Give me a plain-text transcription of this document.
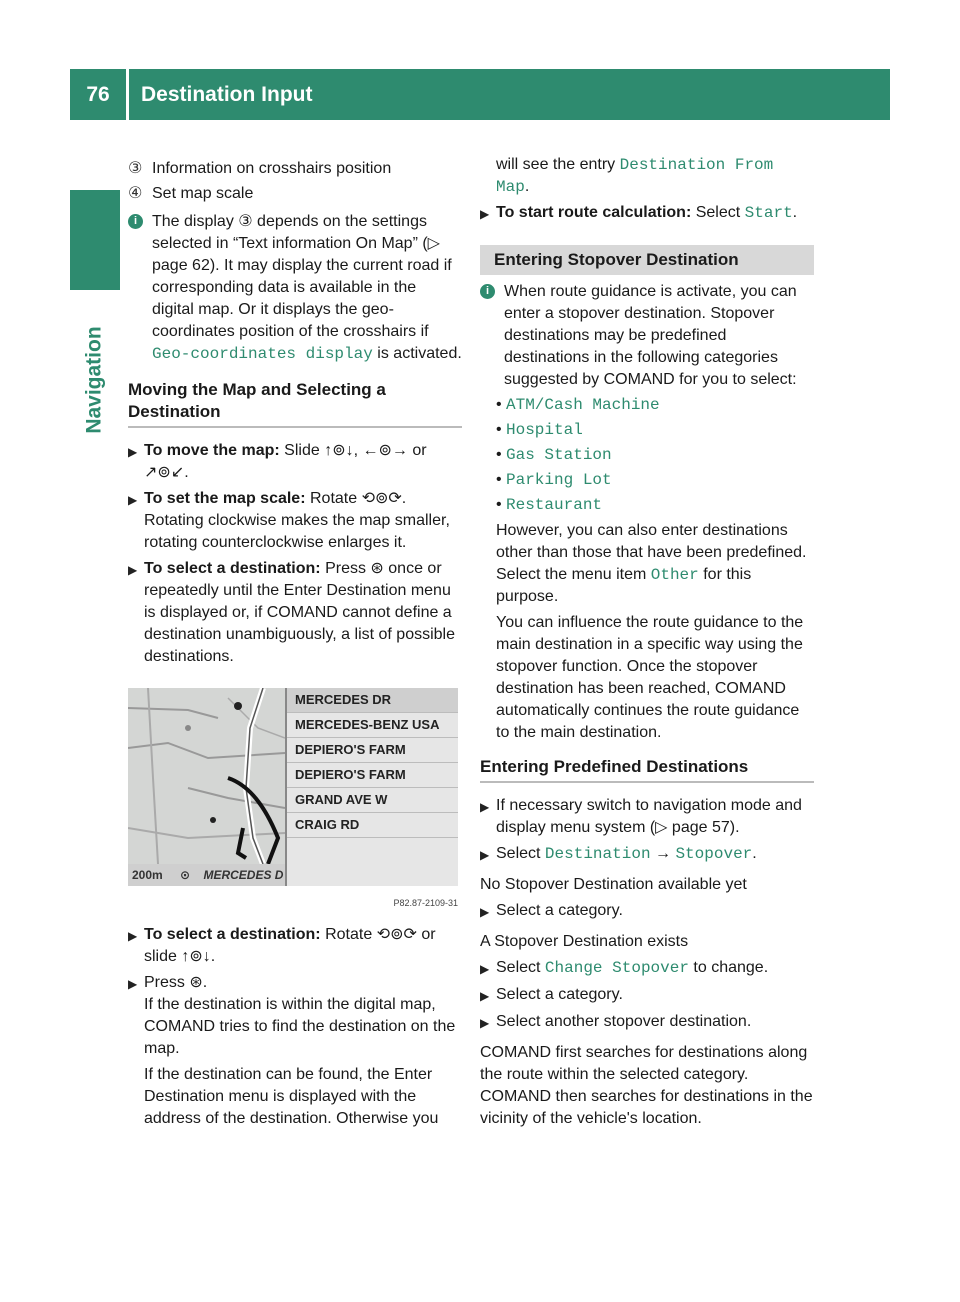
76	Destination Input
Navigation
③ Information on crosshairs position
④ Set map scale
i The display ③ depends on the settings selected in “Text information On Map” (▷ page 62). It may display the current road if corresponding data is available in the digital map. Or it displays the geo-coordinates position of the crosshairs if Geo-coordinates display is activated.
Moving the Map and Selecting a Destination
▶ To move the map: Slide ↑⊚↓, ←⊚→ or ↗⊚↙.
▶ To set the map scale: Rotate ⟲⊚⟳. Rotating clockwise makes the map smaller, rotating counterclockwise enlarges it.
▶ To select a destination: Press ⊛ once or repeatedly until the Enter Destination menu is displayed or, if COMAND cannot define a destination unambiguously, a list of possible destinations.
MERCEDES DR
MERCEDES-BENZ USA
DEPIERO'S FARM
DEPIERO'S FARM
GRAND AVE W
CRAIG RD
200m ⊙ MERCEDES D
P82.87-2109-31
▶ To select a destination: Rotate ⟲⊚⟳ or slide ↑⊚↓.
▶ Press ⊛.

If the destination is within the digital map, COMAND tries to find the destination on the map.

If the destination can be found, the Enter Destination menu is displayed with the address of the destination. Otherwise you

will see the entry Destination From Map.
▶ To start route calculation: Select Start.
Entering Stopover Destination
i When route guidance is activate, you can enter a stopover destination. Stopover destinations may be predefined destinations in the following categories suggested by COMAND for you to select:
• ATM/Cash Machine
• Hospital
• Gas Station
• Parking Lot
• Restaurant
However, you can also enter destinations other than those that have been predefined. Select the menu item Other for this purpose.

You can influence the route guidance to the main destination in a specific way using the stopover function. Once the stopover destination has been reached, COMAND automatically continues the route guidance to the main destination.

Entering Predefined Destinations
▶ If necessary switch to navigation mode and display menu system (▷ page 57).
▶ Select Destination → Stopover.

No Stopover Destination available yet

▶ Select a category.

A Stopover Destination exists

▶ Select Change Stopover to change.
▶ Select a category.
▶ Select another stopover destination.

COMAND first searches for destinations along the route within the selected category. COMAND then searches for destinations in the vicinity of the vehicle's location.
